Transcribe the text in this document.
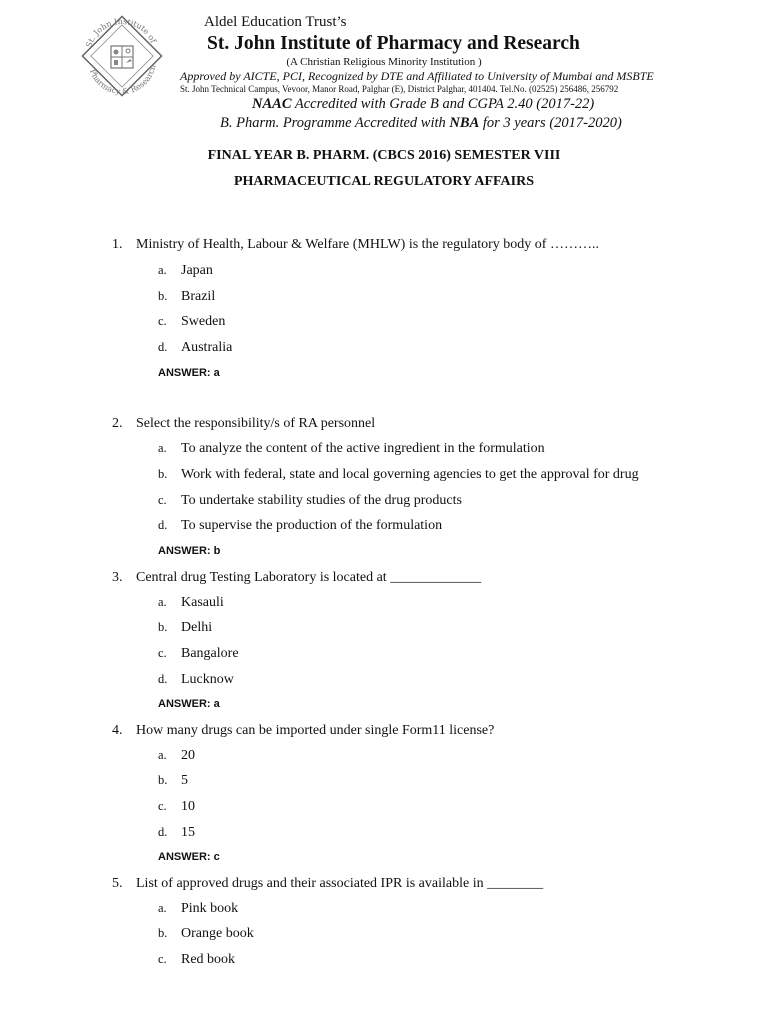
St. John Institute of
Pharmacy & Research
Aldel Education Trust’s
St. John Institute of Pharmacy and Research
(A Christian Religious Minority Institution )
Approved by AICTE, PCI, Recognized by DTE and Affiliated to University of Mumbai and MSBTE
St. John Technical Campus, Vevoor, Manor Road, Palghar (E), District Palghar, 401404. Tel.No. (02525) 256486, 256792
NAAC Accredited with Grade B and CGPA 2.40 (2017-22)
B. Pharm. Programme Accredited with NBA for 3 years (2017-2020)
FINAL YEAR B. PHARM. (CBCS 2016) SEMESTER VIII
PHARMACEUTICAL REGULATORY AFFAIRS
1. Ministry of Health, Labour & Welfare (MHLW) is the regulatory body of ………..
a. Japan
b. Brazil
c. Sweden
d. Australia
ANSWER: a
2. Select the responsibility/s of RA personnel
a. To analyze the content of the active ingredient in the formulation
b. Work with federal, state and local governing agencies to get the approval for drug
c. To undertake stability studies of the drug products
d. To supervise the production of the formulation
ANSWER: b
3. Central drug Testing Laboratory is located at _____________
a. Kasauli
b. Delhi
c. Bangalore
d. Lucknow
ANSWER: a
4. How many drugs can be imported under single Form11 license?
a. 20
b. 5
c. 10
d. 15
ANSWER: c
5. List of approved drugs and their associated IPR is available in ________
a. Pink book
b. Orange book
c. Red book
